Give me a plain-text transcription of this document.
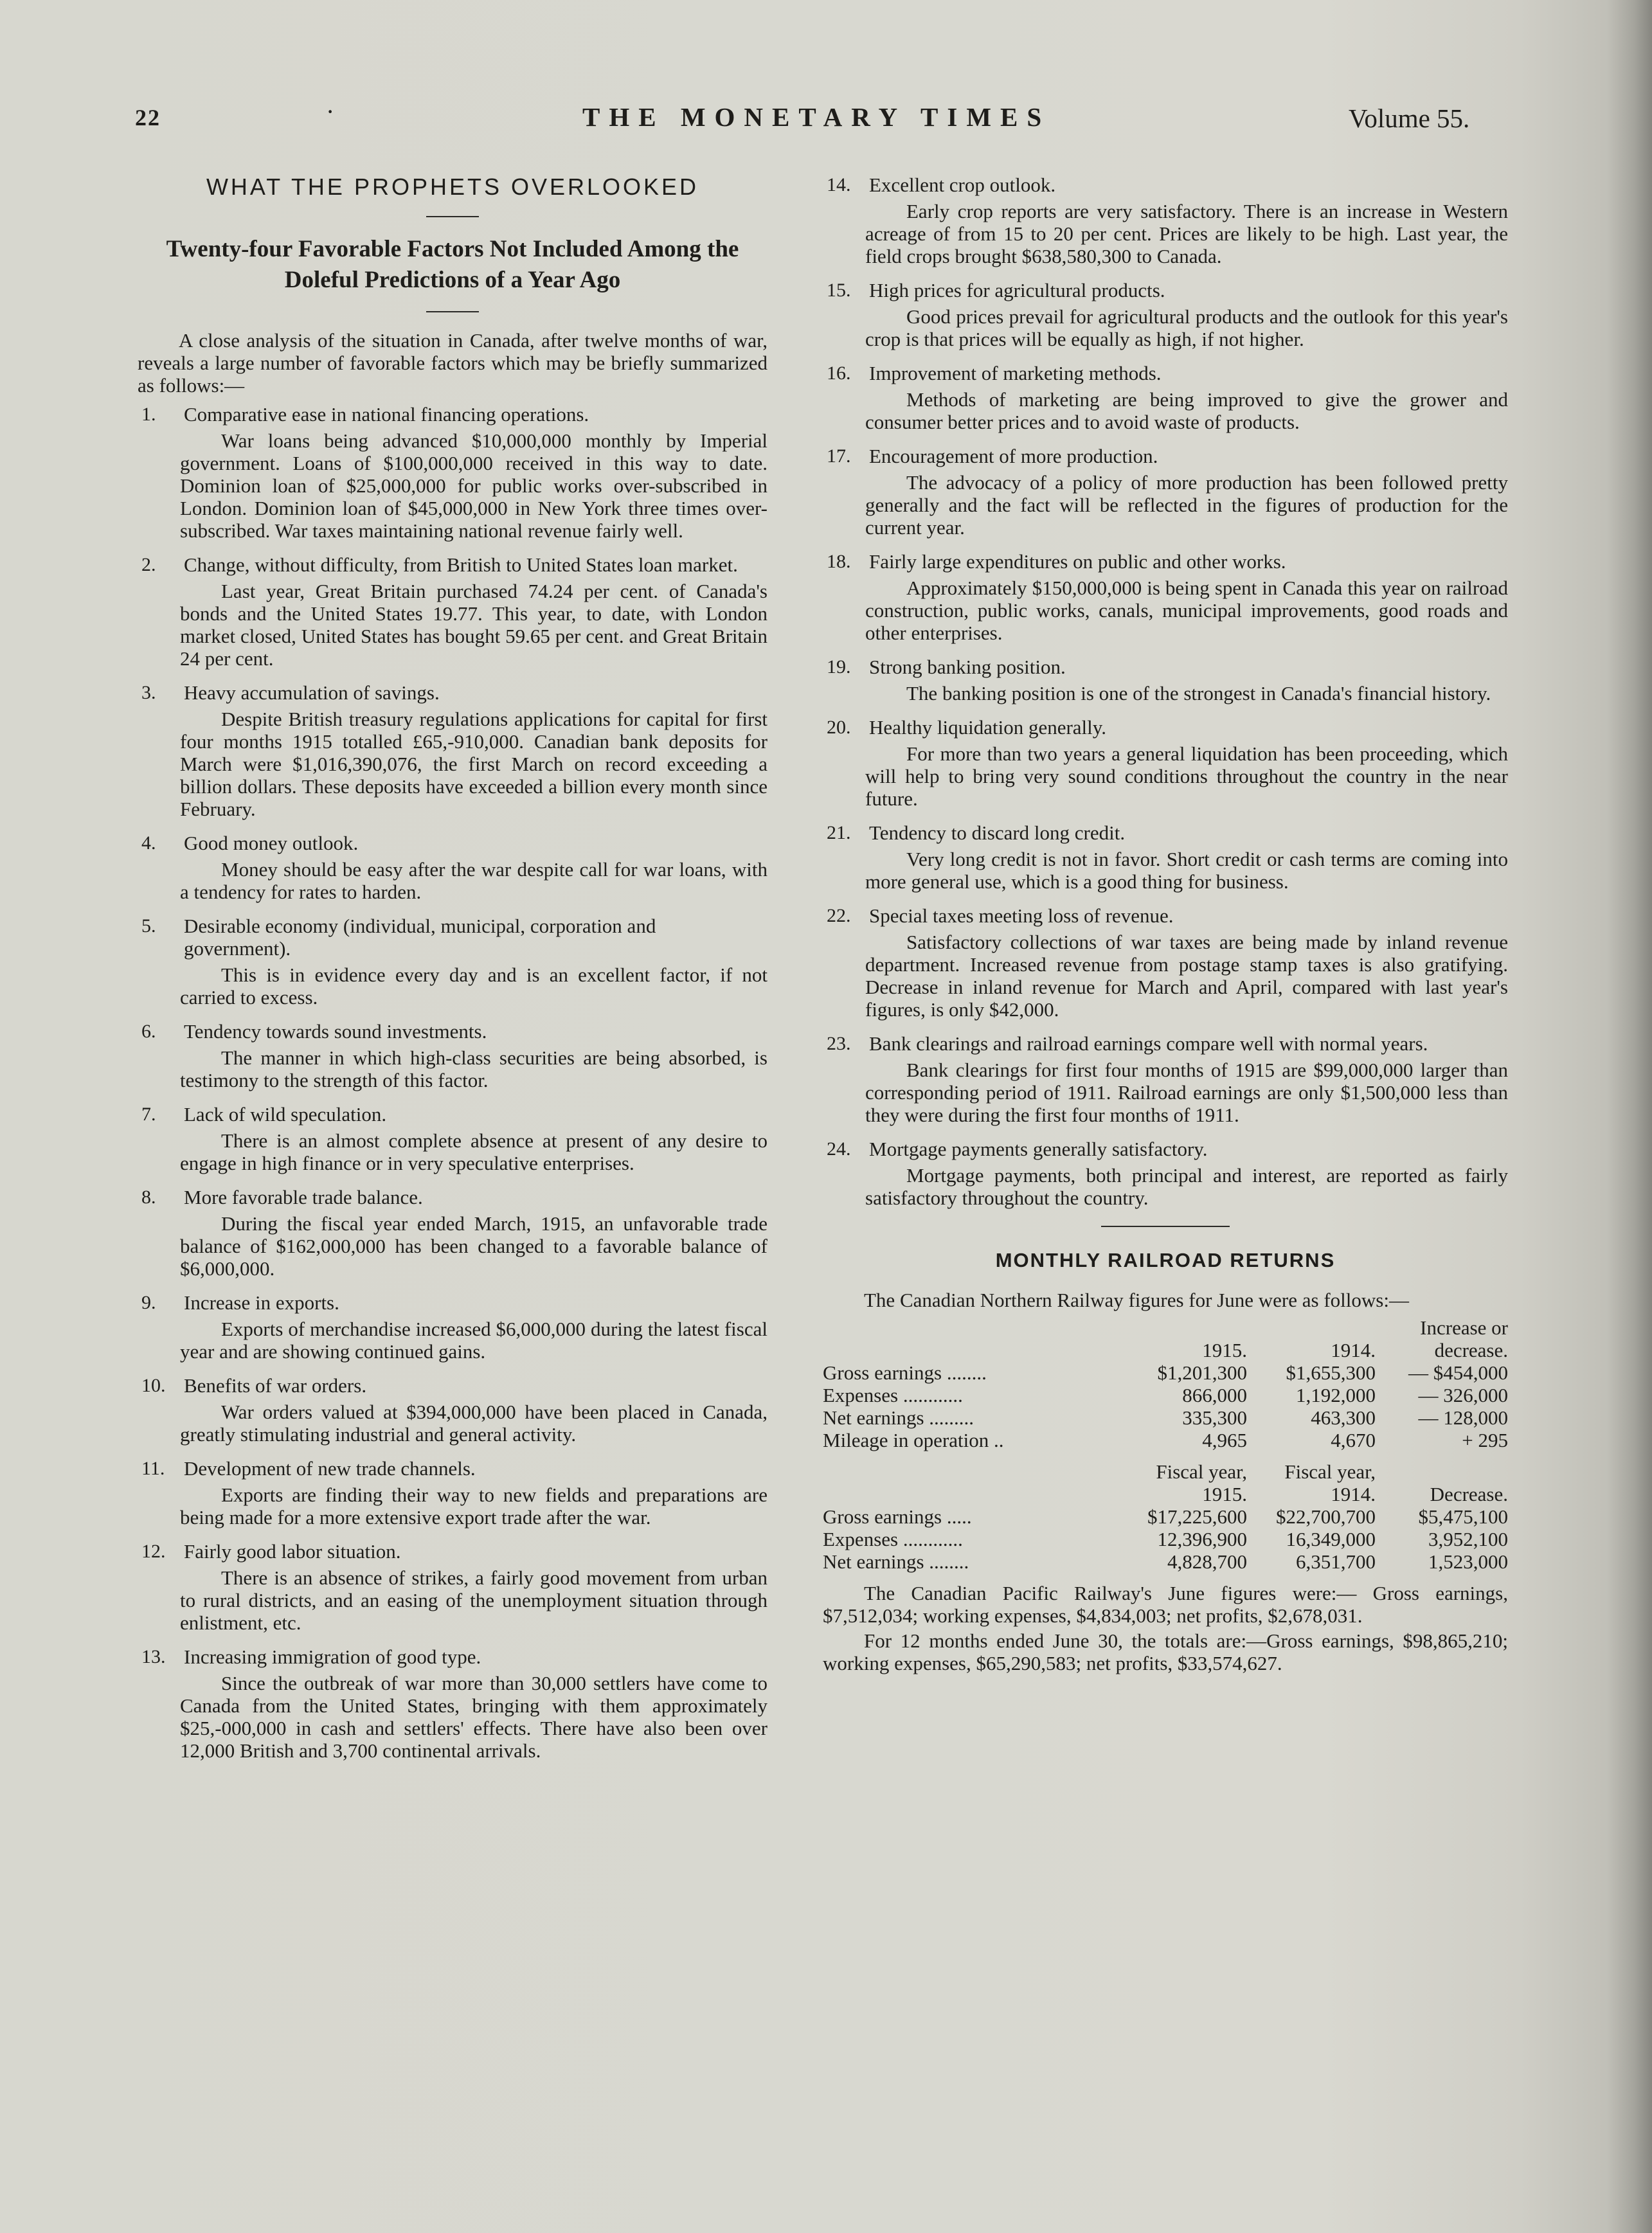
22	·	THE MONETARY TIMES	Volume 55.
WHAT THE PROPHETS OVERLOOKED
Twenty-four Favorable Factors Not Included Among the Doleful Predictions of a Year Ago

A close analysis of the situation in Canada, after twelve months of war, reveals a large number of favorable factors which may be briefly summarized as follows:—

1.	Comparative ease in national financing operations.

War loans being advanced $10,000,000 monthly by Imperial government. Loans of $100,000,000 received in this way to date. Dominion loan of $25,000,000 for public works over-subscribed in London. Dominion loan of $45,000,000 in New York three times over-subscribed. War taxes maintaining national revenue fairly well.

2.	Change, without difficulty, from British to United States loan market.

Last year, Great Britain purchased 74.24 per cent. of Canada's bonds and the United States 19.77. This year, to date, with London market closed, United States has bought 59.65 per cent. and Great Britain 24 per cent.

3.	Heavy accumulation of savings.

Despite British treasury regulations applications for capital for first four months 1915 totalled £65,-910,000. Canadian bank deposits for March were $1,016,390,076, the first March on record exceeding a billion dollars. These deposits have exceeded a billion every month since February.

4.	Good money outlook.

Money should be easy after the war despite call for war loans, with a tendency for rates to harden.

5.	Desirable economy (individual, municipal, corporation and government).

This is in evidence every day and is an excellent factor, if not carried to excess.

6.	Tendency towards sound investments.

The manner in which high-class securities are being absorbed, is testimony to the strength of this factor.

7.	Lack of wild speculation.

There is an almost complete absence at present of any desire to engage in high finance or in very speculative enterprises.

8.	More favorable trade balance.

During the fiscal year ended March, 1915, an unfavorable trade balance of $162,000,000 has been changed to a favorable balance of $6,000,000.

9.	Increase in exports.

Exports of merchandise increased $6,000,000 during the latest fiscal year and are showing continued gains.

10. Benefits of war orders.

War orders valued at $394,000,000 have been placed in Canada, greatly stimulating industrial and general activity.

11. Development of new trade channels.

Exports are finding their way to new fields and preparations are being made for a more extensive export trade after the war.

12. Fairly good labor situation.

There is an absence of strikes, a fairly good movement from urban to rural districts, and an easing of the unemployment situation through enlistment, etc.

13. Increasing immigration of good type.

Since the outbreak of war more than 30,000 settlers have come to Canada from the United States, bringing with them approximately $25,-000,000 in cash and settlers' effects. There have also been over 12,000 British and 3,700 continental arrivals.

14. Excellent crop outlook.

Early crop reports are very satisfactory. There is an increase in Western acreage of from 15 to 20 per cent. Prices are likely to be high. Last year, the field crops brought $638,580,300 to Canada.

15. High prices for agricultural products.

Good prices prevail for agricultural products and the outlook for this year's crop is that prices will be equally as high, if not higher.

16. Improvement of marketing methods.

Methods of marketing are being improved to give the grower and consumer better prices and to avoid waste of products.

17. Encouragement of more production.

The advocacy of a policy of more production has been followed pretty generally and the fact will be reflected in the figures of production for the current year.

18. Fairly large expenditures on public and other works.

Approximately $150,000,000 is being spent in Canada this year on railroad construction, public works, canals, municipal improvements, good roads and other enterprises.

19. Strong banking position.

The banking position is one of the strongest in Canada's financial history.

20. Healthy liquidation generally.

For more than two years a general liquidation has been proceeding, which will help to bring very sound conditions throughout the country in the near future.

21. Tendency to discard long credit.

Very long credit is not in favor. Short credit or cash terms are coming into more general use, which is a good thing for business.

22. Special taxes meeting loss of revenue.

Satisfactory collections of war taxes are being made by inland revenue department. Increased revenue from postage stamp taxes is also gratifying. Decrease in inland revenue for March and April, compared with last year's figures, is only $42,000.

23. Bank clearings and railroad earnings compare well with normal years.

Bank clearings for first four months of 1915 are $99,000,000 larger than corresponding period of 1911. Railroad earnings are only $1,500,000 less than they were during the first four months of 1911.

24. Mortgage payments generally satisfactory.

Mortgage payments, both principal and interest, are reported as fairly satisfactory throughout the country.

MONTHLY RAILROAD RETURNS

The Canadian Northern Railway figures for June were as follows:—

			Increase or
	1915.	1914.	decrease.
Gross earnings ........	$1,201,300	$1,655,300	— $454,000
Expenses ............	866,000	1,192,000	— 326,000
Net earnings .........	335,300	463,300	— 128,000
Mileage in operation ..	4,965	4,670	+ 295
	Fiscal year,	Fiscal year,	
	1915.	1914.	Decrease.
Gross earnings .....	$17,225,600	$22,700,700	$5,475,100
Expenses ............	12,396,900	16,349,000	3,952,100
Net earnings ........	4,828,700	6,351,700	1,523,000

The Canadian Pacific Railway's June figures were:— Gross earnings, $7,512,034; working expenses, $4,834,003; net profits, $2,678,031.

For 12 months ended June 30, the totals are:—Gross earnings, $98,865,210; working expenses, $65,290,583; net profits, $33,574,627.
